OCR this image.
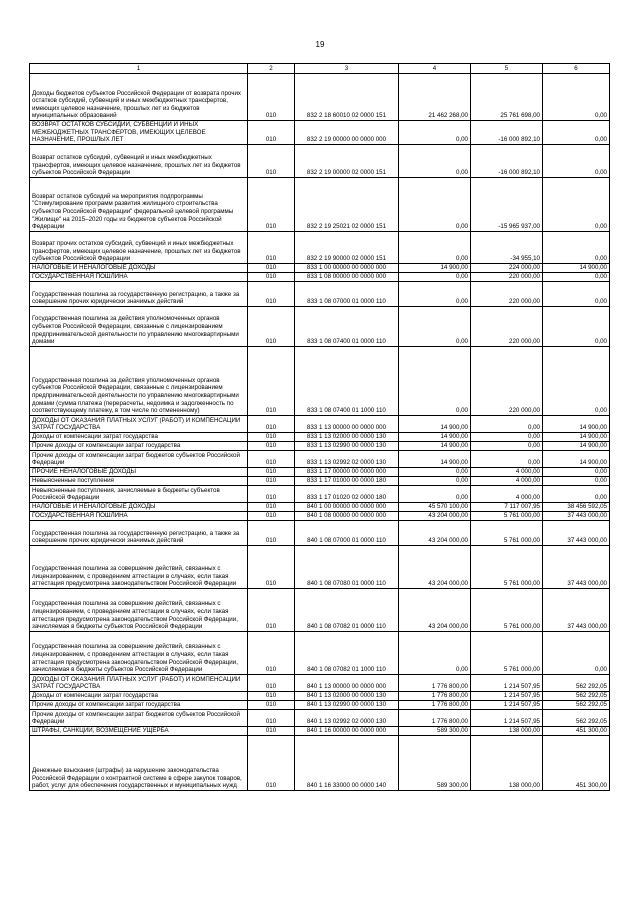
19
1	2	3	4	5	6
Доходы бюджетов субъектов Российской Федерации от возврата прочих остатков субсидий, субвенций и иных межбюджетных трансфертов, имеющих целевое назначение, прошлых лет из бюджетов муниципальных образований	010	832 2 18 60010 02 0000 151	21 462 268,00	25 761 698,00	0,00
ВОЗВРАТ ОСТАТКОВ СУБСИДИЙ, СУБВЕНЦИЙ И ИНЫХ МЕЖБЮДЖЕТНЫХ ТРАНСФЕРТОВ, ИМЕЮЩИХ ЦЕЛЕВОЕ НАЗНАЧЕНИЕ, ПРОШЛЫХ ЛЕТ	010	832 2 19 00000 00 0000 000	0,00	-16 000 892,10	0,00
Возврат остатков субсидий, субвенций и иных межбюджетных трансфертов, имеющих целевое назначение, прошлых лет из бюджетов субъектов Российской Федерации	010	832 2 19 00000 02 0000 151	0,00	-16 000 892,10	0,00
Возврат остатков субсидий на мероприятия подпрограммы "Стимулирование программ развития жилищного строительства субъектов Российской Федерации" федеральной целевой программы "Жилище" на 2015–2020 годы из бюджетов субъектов Российской Федерации	010	832 2 19 25021 02 0000 151	0,00	-15 965 937,00	0,00
Возврат прочих остатков субсидий, субвенций и иных межбюджетных трансфертов, имеющих целевое назначение, прошлых лет из бюджетов субъектов Российской Федерации	010	832 2 19 90000 02 0000 151	0,00	-34 955,10	0,00
НАЛОГОВЫЕ И НЕНАЛОГОВЫЕ ДОХОДЫ	010	833 1 00 00000 00 0000 000	14 900,00	224 000,00	14 900,00
ГОСУДАРСТВЕННАЯ ПОШЛИНА	010	833 1 08 00000 00 0000 000	0,00	220 000,00	0,00
Государственная пошлина за государственную регистрацию, а также за совершение прочих юридически значимых действий	010	833 1 08 07000 01 0000 110	0,00	220 000,00	0,00
Государственная пошлина за действия уполномоченных органов субъектов Российской Федерации, связанные с лицензированием предпринимательской деятельности по управлению многоквартирными домами	010	833 1 08 07400 01 0000 110	0,00	220 000,00	0,00
Государственная пошлина за действия уполномоченных органов субъектов Российской Федерации, связанные с лицензированием предпринимательской деятельности по управлению многоквартирными домами (сумма платежа (перерасчеты, недоимка и задолженность по соответствующему платежу, в том числе по отмененному)	010	833 1 08 07400 01 1000 110	0,00	220 000,00	0,00
ДОХОДЫ ОТ ОКАЗАНИЯ ПЛАТНЫХ УСЛУГ (РАБОТ) И КОМПЕНСАЦИИ ЗАТРАТ ГОСУДАРСТВА	010	833 1 13 00000 00 0000 000	14 900,00	0,00	14 900,00
Доходы от компенсации затрат государства	010	833 1 13 02000 00 0000 130	14 900,00	0,00	14 900,00
Прочие доходы от компенсации затрат государства	010	833 1 13 02990 00 0000 130	14 900,00	0,00	14 900,00
Прочие доходы от компенсации затрат бюджетов субъектов Российской Федерации	010	833 1 13 02992 02 0000 130	14 900,00	0,00	14 900,00
ПРОЧИЕ НЕНАЛОГОВЫЕ ДОХОДЫ	010	833 1 17 00000 00 0000 000	0,00	4 000,00	0,00
Невыясненные поступления	010	833 1 17 01000 00 0000 180	0,00	4 000,00	0,00
Невыясненные поступления, зачисляемые в бюджеты субъектов Российской Федерации	010	833 1 17 01020 02 0000 180	0,00	4 000,00	0,00
НАЛОГОВЫЕ И НЕНАЛОГОВЫЕ ДОХОДЫ	010	840 1 00 00000 00 0000 000	45 570 100,00	7 117 007,95	38 456 592,05
ГОСУДАРСТВЕННАЯ ПОШЛИНА	010	840 1 08 00000 00 0000 000	43 204 000,00	5 761 000,00	37 443 000,00
Государственная пошлина за государственную регистрацию, а также за совершение прочих юридически значимых действий	010	840 1 08 07000 01 0000 110	43 204 000,00	5 761 000,00	37 443 000,00
Государственная пошлина за совершение действий, связанных с лицензированием, с проведением аттестации в случаях, если такая аттестация предусмотрена законодательством Российской Федерации	010	840 1 08 07080 01 0000 110	43 204 000,00	5 761 000,00	37 443 000,00
Государственная пошлина за совершение действий, связанных с лицензированием, с проведением аттестации в случаях, если такая аттестация предусмотрена законодательством Российской Федерации, зачисляемая в бюджеты субъектов Российской Федерации	010	840 1 08 07082 01 0000 110	43 204 000,00	5 761 000,00	37 443 000,00
Государственная пошлина за совершение действий, связанных с лицензированием, с проведением аттестации в случаях, если такая аттестация предусмотрена законодательством Российской Федерации, зачисляемая в бюджеты субъектов Российской Федерации	010	840 1 08 07082 01 1000 110	0,00	5 761 000,00	0,00
ДОХОДЫ ОТ ОКАЗАНИЯ ПЛАТНЫХ УСЛУГ (РАБОТ) И КОМПЕНСАЦИИ ЗАТРАТ ГОСУДАРСТВА	010	840 1 13 00000 00 0000 000	1 776 800,00	1 214 507,95	562 292,05
Доходы от компенсации затрат государства	010	840 1 13 02000 00 0000 130	1 776 800,00	1 214 507,95	562 292,05
Прочие доходы от компенсации затрат государства	010	840 1 13 02990 00 0000 130	1 776 800,00	1 214 507,95	562 292,05
Прочие доходы от компенсации затрат бюджетов субъектов Российской Федерации	010	840 1 13 02992 02 0000 130	1 776 800,00	1 214 507,95	562 292,05
ШТРАФЫ, САНКЦИИ, ВОЗМЕЩЕНИЕ УЩЕРБА	010	840 1 16 00000 00 0000 000	589 300,00	138 000,00	451 300,00
Денежные взыскания (штрафы) за нарушение законодательства Российской Федерации о контрактной системе в сфере закупок товаров, работ, услуг для обеспечения государственных и муниципальных нужд	010	840 1 16 33000 00 0000 140	589 300,00	138 000,00	451 300,00
